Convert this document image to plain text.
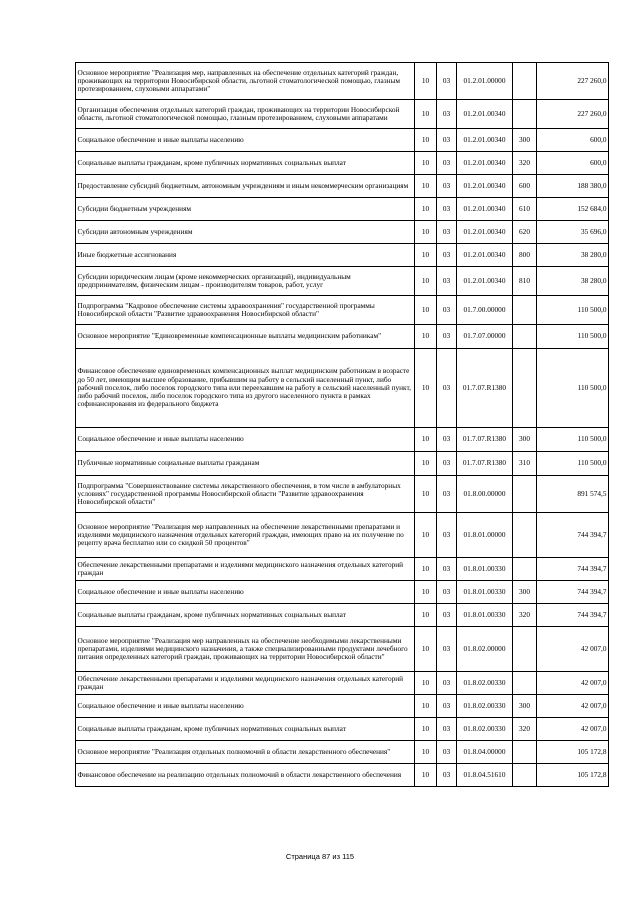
Основное мероприятие "Реализация мер, направленных на обеспечение отдельных категорий граждан, проживающих на территории Новосибирской области, льготной стоматологической помощью, глазным протезированием, слуховыми аппаратами"	10	03	01.2.01.00000		227 260,0
Организация обеспечения отдельных категорий граждан, проживающих на территории Новосибирской области, льготной стоматологической помощью, глазным протезированием, слуховыми аппаратами	10	03	01.2.01.00340		227 260,0
Социальное обеспечение и иные выплаты населению	10	03	01.2.01.00340	300	600,0
Социальные выплаты гражданам, кроме публичных нормативных социальных выплат	10	03	01.2.01.00340	320	600,0
Предоставление субсидий бюджетным, автономным учреждениям и иным некоммерческим организациям	10	03	01.2.01.00340	600	188 380,0
Субсидии бюджетным учреждениям	10	03	01.2.01.00340	610	152 684,0
Субсидии автономным учреждениям	10	03	01.2.01.00340	620	35 696,0
Иные бюджетные ассигнования	10	03	01.2.01.00340	800	38 280,0
Субсидии юридическим лицам (кроме некоммерческих организаций), индивидуальным предпринимателям, физическим лицам - производителям товаров, работ, услуг	10	03	01.2.01.00340	810	38 280,0
Подпрограмма "Кадровое обеспечение системы здравоохранения" государственной программы Новосибирской области "Развитие здравоохранения Новосибирской области"	10	03	01.7.00.00000		110 500,0
Основное мероприятие "Единовременные компенсационные выплаты медицинским работникам"	10	03	01.7.07.00000		110 500,0
Финансовое обеспечение единовременных компенсационных выплат медицинским работникам в возрасте до 50 лет, имеющим высшее образование, прибывшим на работу в сельский населенный пункт, либо рабочий поселок, либо поселок городского типа или переехавшим на работу в сельский населенный пункт, либо рабочий поселок, либо поселок городского типа из другого населенного пункта в рамках софинансирования из федерального бюджета	10	03	01.7.07.R1380		110 500,0
Социальное обеспечение и иные выплаты населению	10	03	01.7.07.R1380	300	110 500,0
Публичные нормативные социальные выплаты гражданам	10	03	01.7.07.R1380	310	110 500,0
Подпрограмма "Совершенствование системы лекарственного обеспечения, в том числе в амбулаторных условиях" государственной программы Новосибирской области "Развитие здравоохранения Новосибирской области"	10	03	01.8.00.00000		891 574,5
Основное мероприятие "Реализация мер направленных на обеспечение лекарственными препаратами и изделиями медицинского назначения отдельных категорий граждан, имеющих право на их получение по рецепту врача бесплатно или со скидкой 50 процентов"	10	03	01.8.01.00000		744 394,7
Обеспечение лекарственными препаратами и изделиями медицинского назначения отдельных категорий граждан	10	03	01.8.01.00330		744 394,7
Социальное обеспечение и иные выплаты населению	10	03	01.8.01.00330	300	744 394,7
Социальные выплаты гражданам, кроме публичных нормативных социальных выплат	10	03	01.8.01.00330	320	744 394,7
Основное мероприятие "Реализация мер направленных на обеспечение необходимыми лекарственными препаратами, изделиями медицинского назначения, а также специализированными продуктами лечебного питания определенных категорий граждан, проживающих на территории Новосибирской области"	10	03	01.8.02.00000		42 007,0
Обеспечение лекарственными препаратами и изделиями медицинского назначения отдельных категорий граждан	10	03	01.8.02.00330		42 007,0
Социальное обеспечение и иные выплаты населению	10	03	01.8.02.00330	300	42 007,0
Социальные выплаты гражданам, кроме публичных нормативных социальных выплат	10	03	01.8.02.00330	320	42 007,0
Основное мероприятие "Реализация отдельных полномочий в области лекарственного обеспечения"	10	03	01.8.04.00000		105 172,8
Финансовое обеспечение на реализацию отдельных полномочий в области лекарственного обеспечения	10	03	01.8.04.51610		105 172,8
Страница 87 из 115
